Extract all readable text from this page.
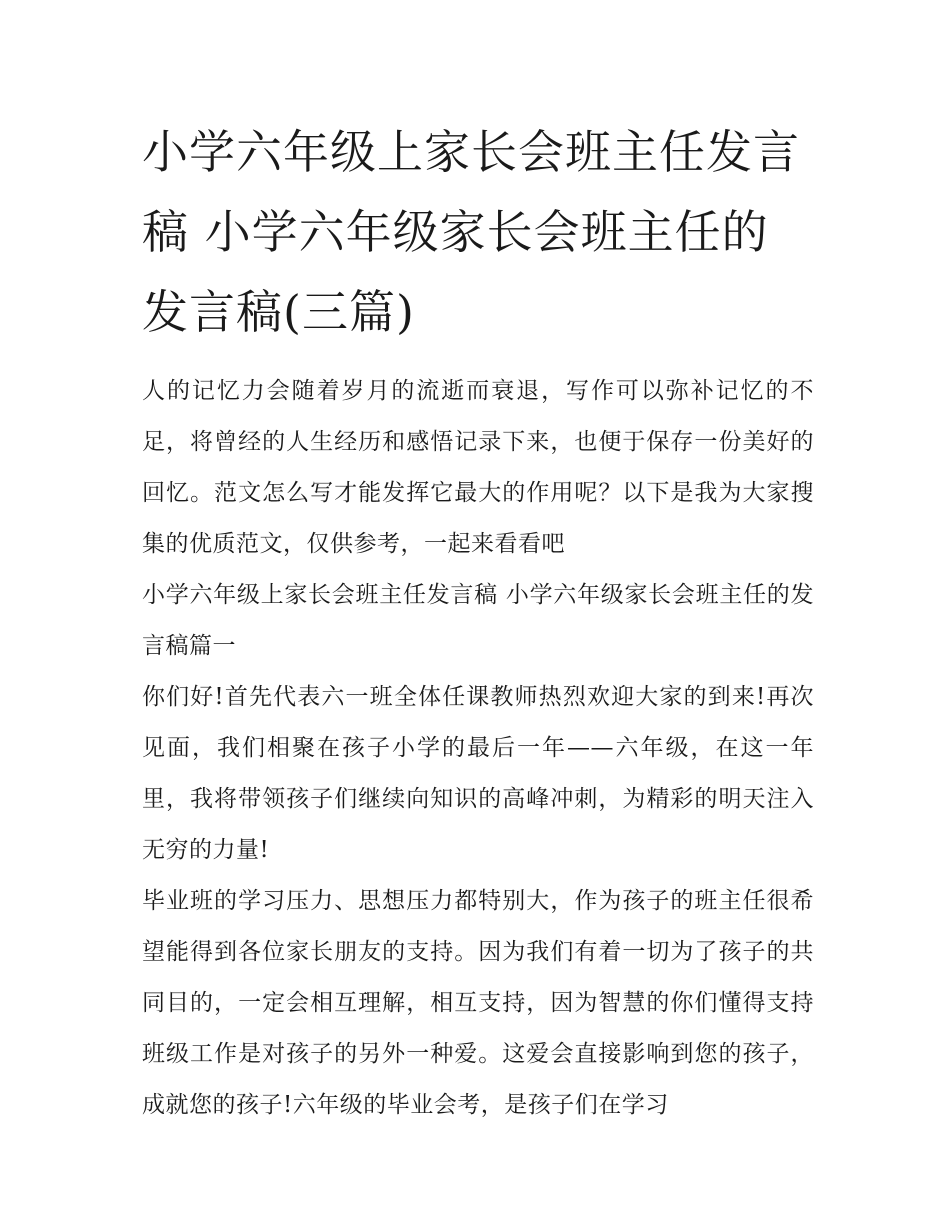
小学六年级上家长会班主任发言稿 小学六年级家长会班主任的发言稿(三篇)

人的记忆力会随着岁月的流逝而衰退，写作可以弥补记忆的不足，将曾经的人生经历和感悟记录下来，也便于保存一份美好的回忆。范文怎么写才能发挥它最大的作用呢？以下是我为大家搜集的优质范文，仅供参考，一起来看看吧

小学六年级上家长会班主任发言稿 小学六年级家长会班主任的发言稿篇一

你们好!首先代表六一班全体任课教师热烈欢迎大家的到来!再次见面，我们相聚在孩子小学的最后一年——六年级，在这一年里，我将带领孩子们继续向知识的高峰冲刺，为精彩的明天注入无穷的力量!

毕业班的学习压力、思想压力都特别大，作为孩子的班主任很希望能得到各位家长朋友的支持。因为我们有着一切为了孩子的共同目的，一定会相互理解，相互支持，因为智慧的你们懂得支持班级工作是对孩子的另外一种爱。这爱会直接影响到您的孩子，成就您的孩子!六年级的毕业会考，是孩子们在学习
